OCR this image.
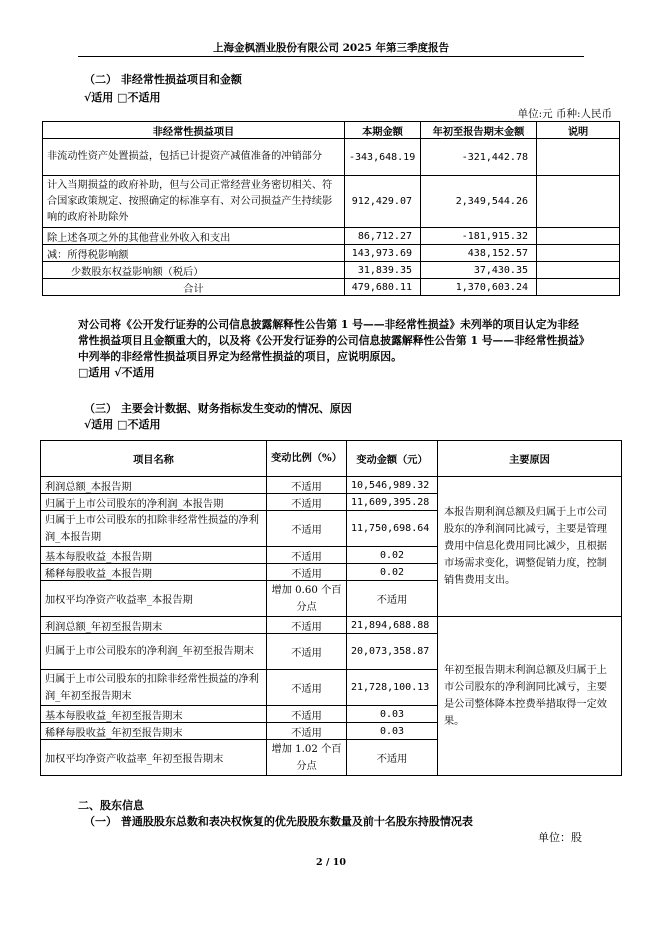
上海金枫酒业股份有限公司 2025 年第三季度报告
（二） 非经常性损益项目和金额
√适用 □不适用
单位:元 币种:人民币
非经常性损益项目	本期金额	年初至报告期末金额	说明
非流动性资产处置损益，包括已计提资产减值准备的冲销部分	-343,648.19	-321,442.78	
计入当期损益的政府补助，但与公司正常经营业务密切相关、符合国家政策规定、按照确定的标准享有、对公司损益产生持续影响的政府补助除外	912,429.07	2,349,544.26	
除上述各项之外的其他营业外收入和支出	86,712.27	-181,915.32	
减：所得税影响额	143,973.69	438,152.57	
少数股东权益影响额（税后）	31,839.35	37,430.35	
合计	479,680.11	1,370,603.24	
对公司将《公开发行证券的公司信息披露解释性公告第 1 号——非经常性损益》未列举的项目认定为非经常性损益项目且金额重大的，以及将《公开发行证券的公司信息披露解释性公告第 1 号——非经常性损益》中列举的非经常性损益项目界定为经常性损益的项目，应说明原因。
□适用 √不适用
（三） 主要会计数据、财务指标发生变动的情况、原因
√适用 □不适用
项目名称	变动比例（%）	变动金额（元）	主要原因
利润总额_本报告期	不适用	10,546,989.32	本报告期利润总额及归属于上市公司股东的净利润同比减亏，主要是管理费用中信息化费用同比减少，且根据市场需求变化，调整促销力度，控制销售费用支出。
归属于上市公司股东的净利润_本报告期	不适用	11,609,395.28	
归属于上市公司股东的扣除非经常性损益的净利润_本报告期	不适用	11,750,698.64	
基本每股收益_本报告期	不适用	0.02	
稀释每股收益_本报告期	不适用	0.02	
加权平均净资产收益率_本报告期	增加 0.60 个百分点	不适用	
利润总额_年初至报告期末	不适用	21,894,688.88	年初至报告期末利润总额及归属于上市公司股东的净利润同比减亏，主要是公司整体降本控费举措取得一定效果。
归属于上市公司股东的净利润_年初至报告期末	不适用	20,073,358.87	
归属于上市公司股东的扣除非经常性损益的净利润_年初至报告期末	不适用	21,728,100.13	
基本每股收益_年初至报告期末	不适用	0.03	
稀释每股收益_年初至报告期末	不适用	0.03	
加权平均净资产收益率_年初至报告期末	增加 1.02 个百分点	不适用	
二、股东信息
（一） 普通股股东总数和表决权恢复的优先股股东数量及前十名股东持股情况表
单位：股
2 / 10
